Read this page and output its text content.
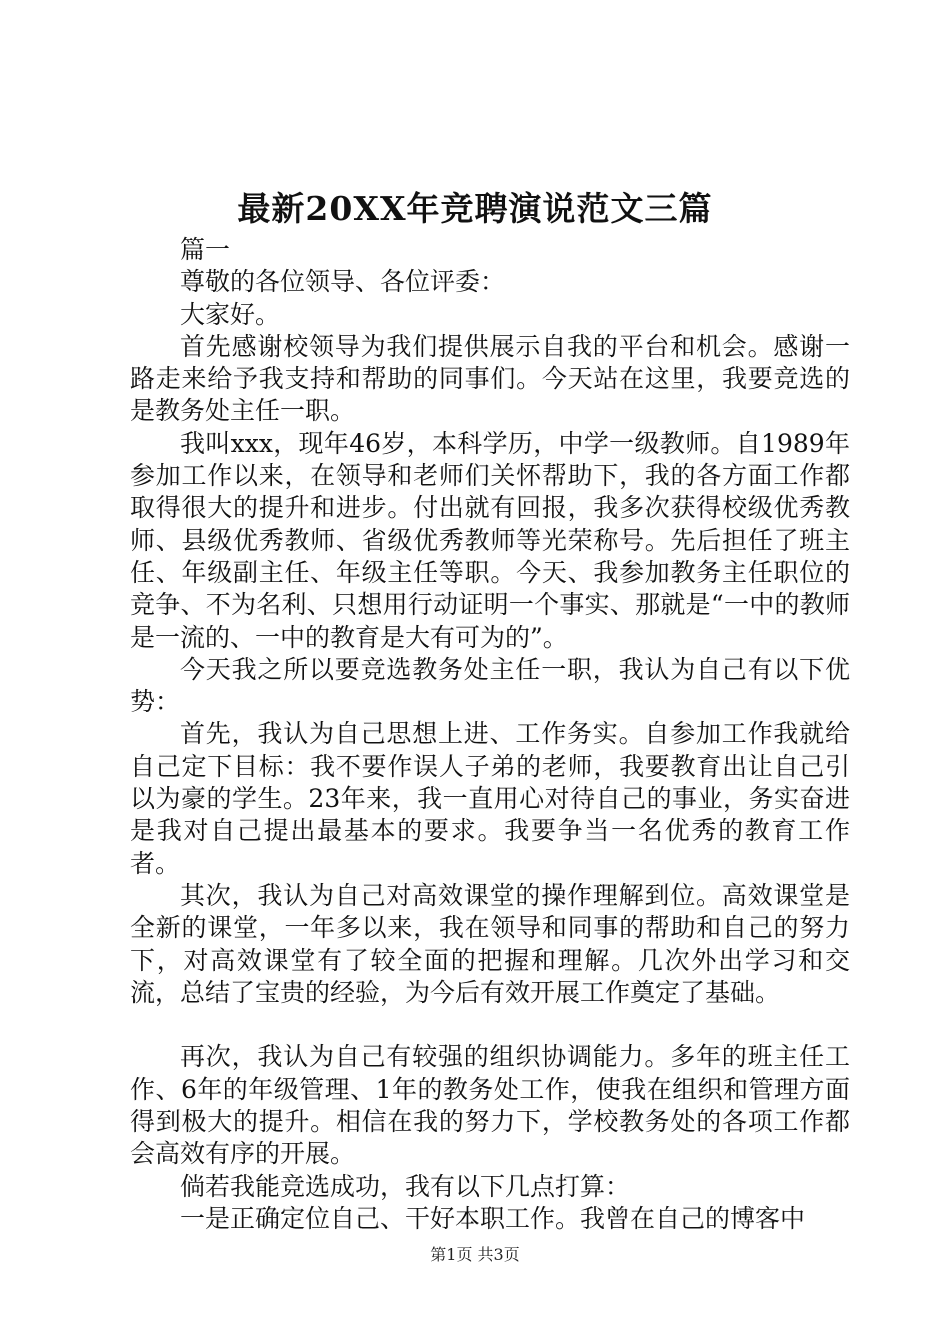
最新20XX年竞聘演说范文三篇

篇一

尊敬的各位领导、各位评委：

大家好。

首先感谢校领导为我们提供展示自我的平台和机会。感谢一路走来给予我支持和帮助的同事们。今天站在这里，我要竞选的是教务处主任一职。

我叫xxx，现年46岁，本科学历，中学一级教师。自1989年参加工作以来，在领导和老师们关怀帮助下，我的各方面工作都取得很大的提升和进步。付出就有回报，我多次获得校级优秀教师、县级优秀教师、省级优秀教师等光荣称号。先后担任了班主任、年级副主任、年级主任等职。今天、我参加教务主任职位的竞争、不为名利、只想用行动证明一个事实、那就是“一中的教师是一流的、一中的教育是大有可为的”。

今天我之所以要竞选教务处主任一职，我认为自己有以下优势：

首先，我认为自己思想上进、工作务实。自参加工作我就给自己定下目标：我不要作误人子弟的老师，我要教育出让自己引以为豪的学生。23年来，我一直用心对待自己的事业，务实奋进是我对自己提出最基本的要求。我要争当一名优秀的教育工作者。

其次，我认为自己对高效课堂的操作理解到位。高效课堂是全新的课堂，一年多以来，我在领导和同事的帮助和自己的努力下，对高效课堂有了较全面的把握和理解。几次外出学习和交流，总结了宝贵的经验，为今后有效开展工作奠定了基础。

再次，我认为自己有较强的组织协调能力。多年的班主任工作、6年的年级管理、1年的教务处工作，使我在组织和管理方面得到极大的提升。相信在我的努力下，学校教务处的各项工作都会高效有序的开展。

倘若我能竞选成功，我有以下几点打算：

一是正确定位自己、干好本职工作。我曾在自己的博客中

第1页 共3页
